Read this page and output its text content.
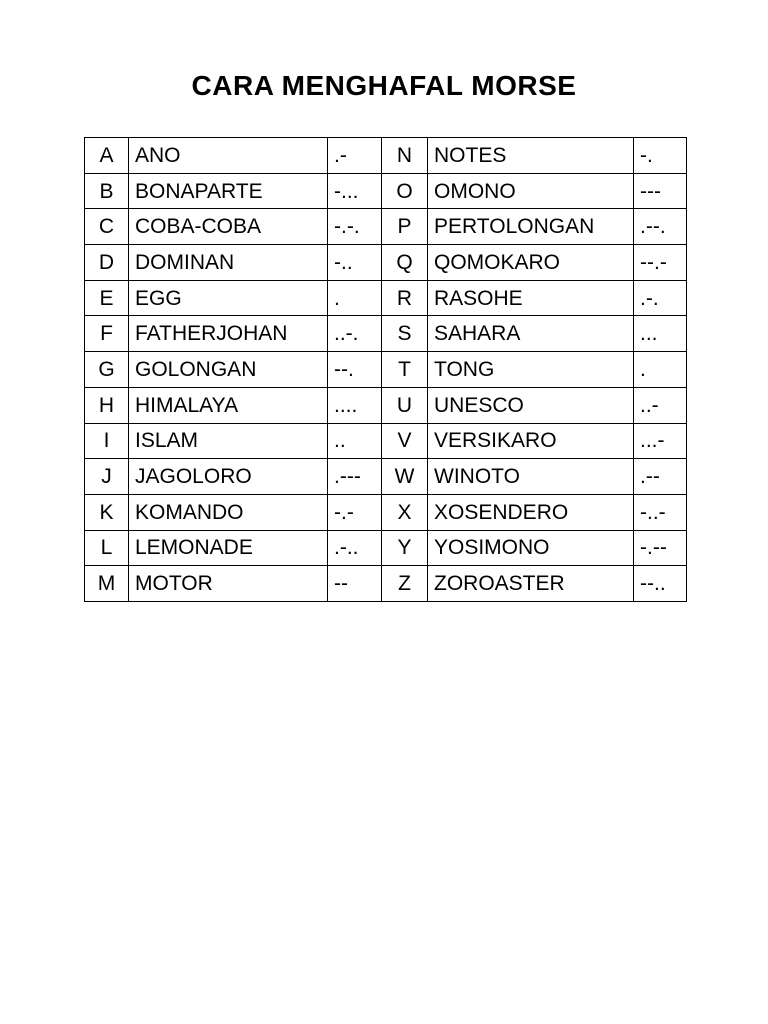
CARA MENGHAFAL MORSE
A	ANO	.-	N	NOTES	-.
B	BONAPARTE	-...	O	OMONO	---
C	COBA-COBA	-.-.	P	PERTOLONGAN	.--.
D	DOMINAN	-..	Q	QOMOKARO	--.-
E	EGG	.	R	RASOHE	.-.
F	FATHERJOHAN	..-.	S	SAHARA	...
G	GOLONGAN	--.	T	TONG	.
H	HIMALAYA	....	U	UNESCO	..-
I	ISLAM	..	V	VERSIKARO	...-
J	JAGOLORO	.---	W	WINOTO	.--
K	KOMANDO	-.-	X	XOSENDERO	-..-
L	LEMONADE	.-..	Y	YOSIMONO	-.--
M	MOTOR	--	Z	ZOROASTER	--..
